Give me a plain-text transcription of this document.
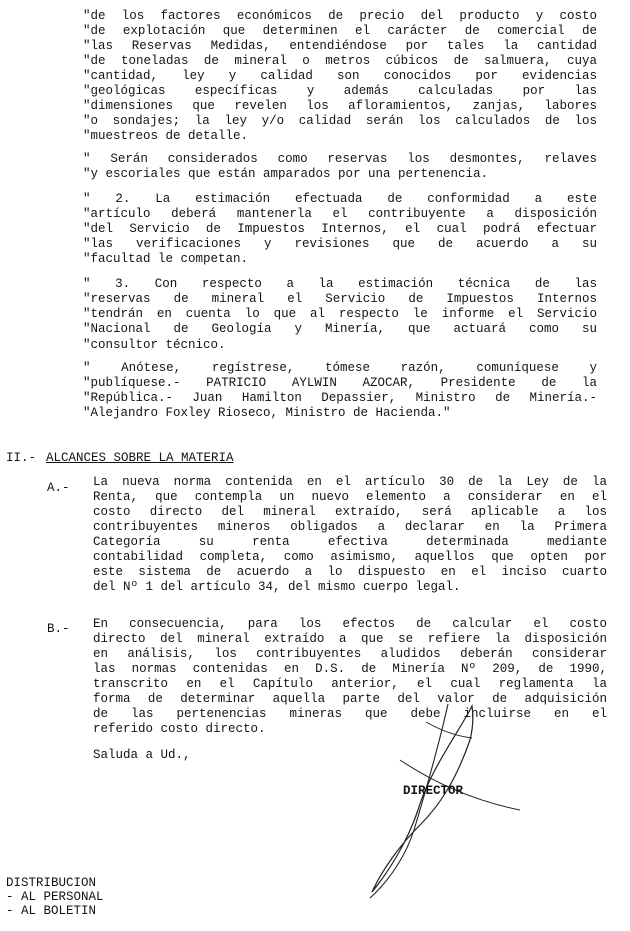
"de los factores económicos de precio del producto y costo
"de explotación que determinen el carácter de comercial de
"las Reservas Medidas, entendiéndose por tales la cantidad
"de toneladas de mineral o metros cúbicos de salmuera, cuya
"cantidad, ley y calidad son conocidos por evidencias
"geológicas específicas y además calculadas por las
"dimensiones que revelen los afloramientos, zanjas, labores
"o sondajes; la ley y/o calidad serán los calculados de los
"muestreos de detalle.
" Serán considerados como reservas los desmontes, relaves
"y escoriales que están amparados por una pertenencia.
" 2. La estimación efectuada de conformidad a este
"artículo deberá mantenerla el contribuyente a disposición
"del Servicio de Impuestos Internos, el cual podrá efectuar
"las verificaciones y revisiones que de acuerdo a su
"facultad le competan.
" 3. Con respecto a la estimación técnica de las
"reservas de mineral el Servicio de Impuestos Internos
"tendrán en cuenta lo que al respecto le informe el Servicio
"Nacional de Geología y Minería, que actuará como su
"consultor técnico.
" Anótese, regístrese, tómese razón, comuníquese y
"publíquese.- PATRICIO AYLWIN AZOCAR, Presidente de la
"República.- Juan Hamilton Depassier, Ministro de Minería.-
"Alejandro Foxley Rioseco, Ministro de Hacienda."
II.- ALCANCES SOBRE LA MATERIA
A.- La nueva norma contenida en el artículo 30 de la Ley de la
Renta, que contempla un nuevo elemento a considerar en el
costo directo del mineral extraído, será aplicable a los
contribuyentes mineros obligados a declarar en la Primera
Categoría su renta efectiva determinada mediante
contabilidad completa, como asimismo, aquellos que opten por
este sistema de acuerdo a lo dispuesto en el inciso cuarto
del Nº 1 del artículo 34, del mismo cuerpo legal.
B.- En consecuencia, para los efectos de calcular el costo
directo del mineral extraído a que se refiere la disposición
en análisis, los contribuyentes aludidos deberán considerar
las normas contenidas en D.S. de Minería Nº 209, de 1990,
transcrito en el Capítulo anterior, el cual reglamenta la
forma de determinar aquella parte del valor de adquisición
de las pertenencias mineras que debe incluirse en el
referido costo directo.
Saluda a Ud.,
DIRECTOR
DISTRIBUCION
- AL PERSONAL
- AL BOLETIN
